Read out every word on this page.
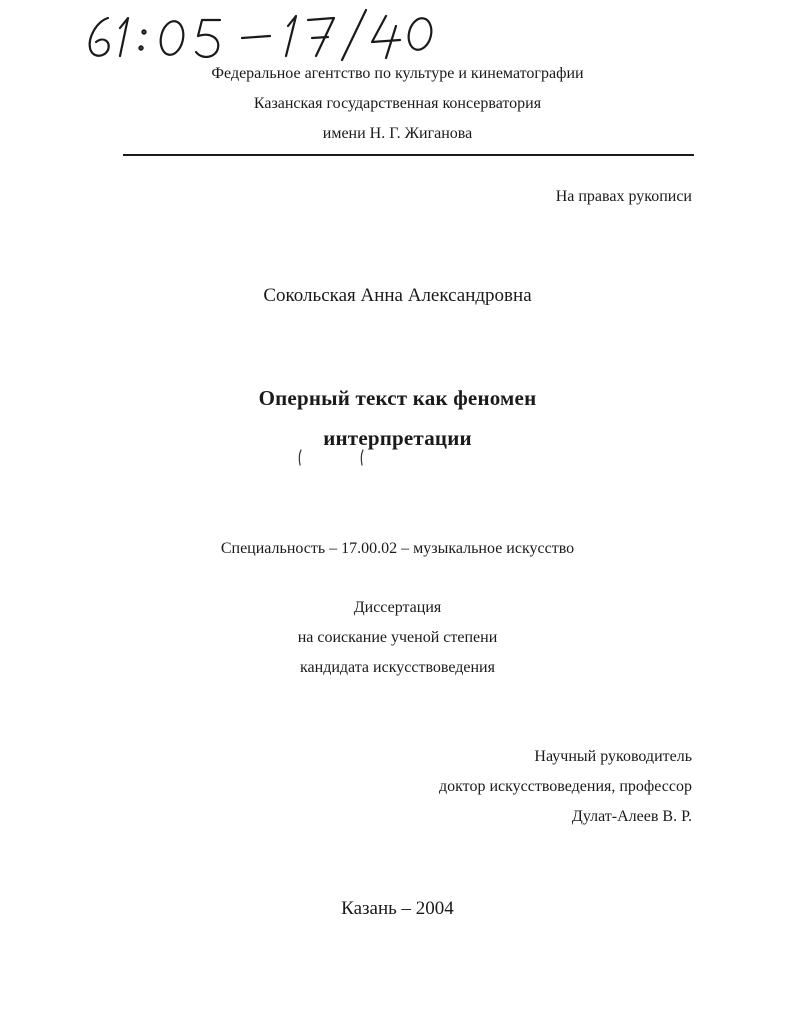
Федеральное агентство по культуре и кинематографии
Казанская государственная консерватория
имени Н. Г. Жиганова
На правах рукописи
Сокольская Анна Александровна
Оперный текст как феномен
интерпретации
Специальность – 17.00.02 – музыкальное искусство
Диссертация
на соискание ученой степени
кандидата искусствоведения
Научный руководитель
доктор искусствоведения, профессор
Дулат-Алеев В. Р.
Казань – 2004
